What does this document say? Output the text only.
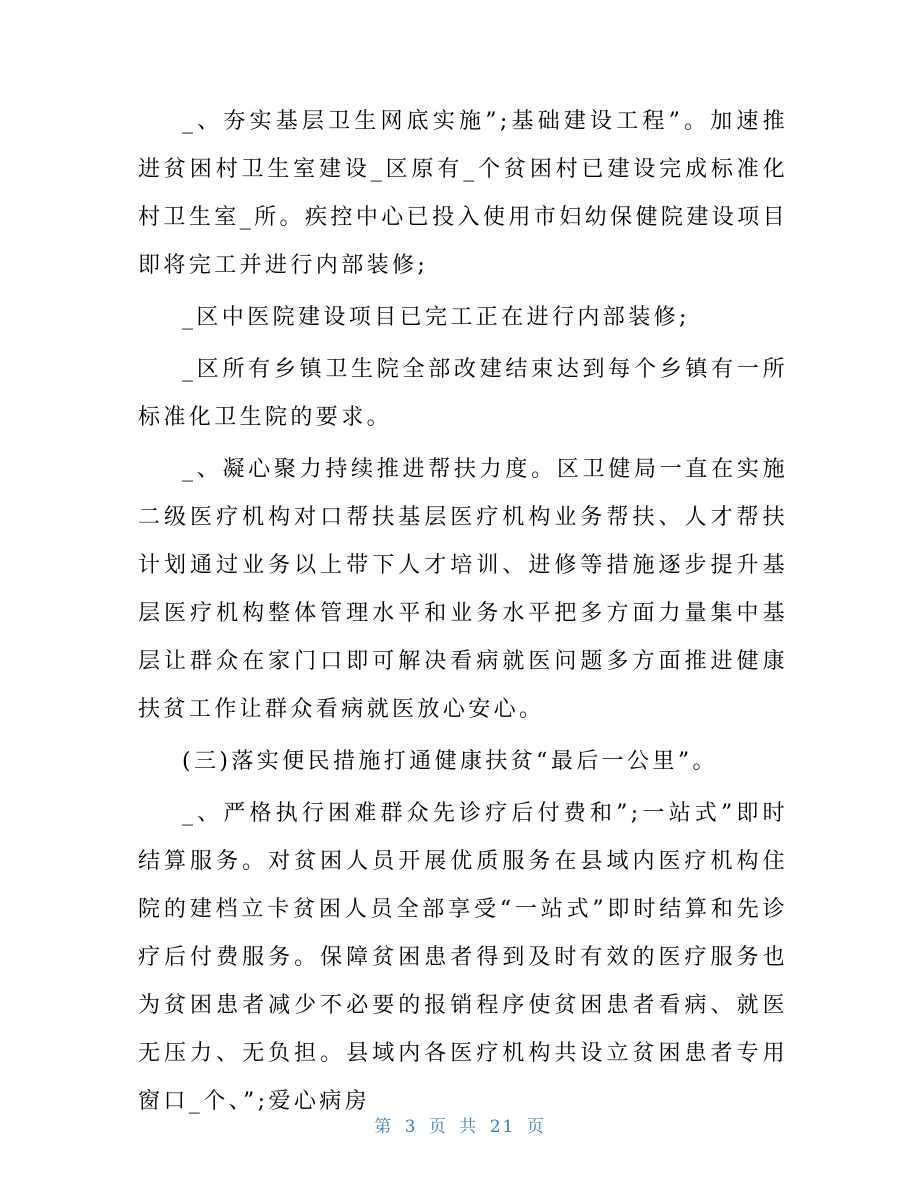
_、夯实基层卫生网底实施”;基础建设工程”。加速推进贫困村卫生室建设_区原有_个贫困村已建设完成标准化村卫生室_所。疾控中心已投入使用市妇幼保健院建设项目即将完工并进行内部装修;

_区中医院建设项目已完工正在进行内部装修;

_区所有乡镇卫生院全部改建结束达到每个乡镇有一所标准化卫生院的要求。

_、凝心聚力持续推进帮扶力度。区卫健局一直在实施二级医疗机构对口帮扶基层医疗机构业务帮扶、人才帮扶计划通过业务以上带下人才培训、进修等措施逐步提升基层医疗机构整体管理水平和业务水平把多方面力量集中基层让群众在家门口即可解决看病就医问题多方面推进健康扶贫工作让群众看病就医放心安心。

(三)落实便民措施打通健康扶贫“最后一公里”。

_、严格执行困难群众先诊疗后付费和”;一站式”即时结算服务。对贫困人员开展优质服务在县域内医疗机构住院的建档立卡贫困人员全部享受“一站式”即时结算和先诊疗后付费服务。保障贫困患者得到及时有效的医疗服务也为贫困患者减少不必要的报销程序使贫困患者看病、就医无压力、无负担。县域内各医疗机构共设立贫困患者专用窗口_个、”;爱心病房

第 3 页 共 21 页
